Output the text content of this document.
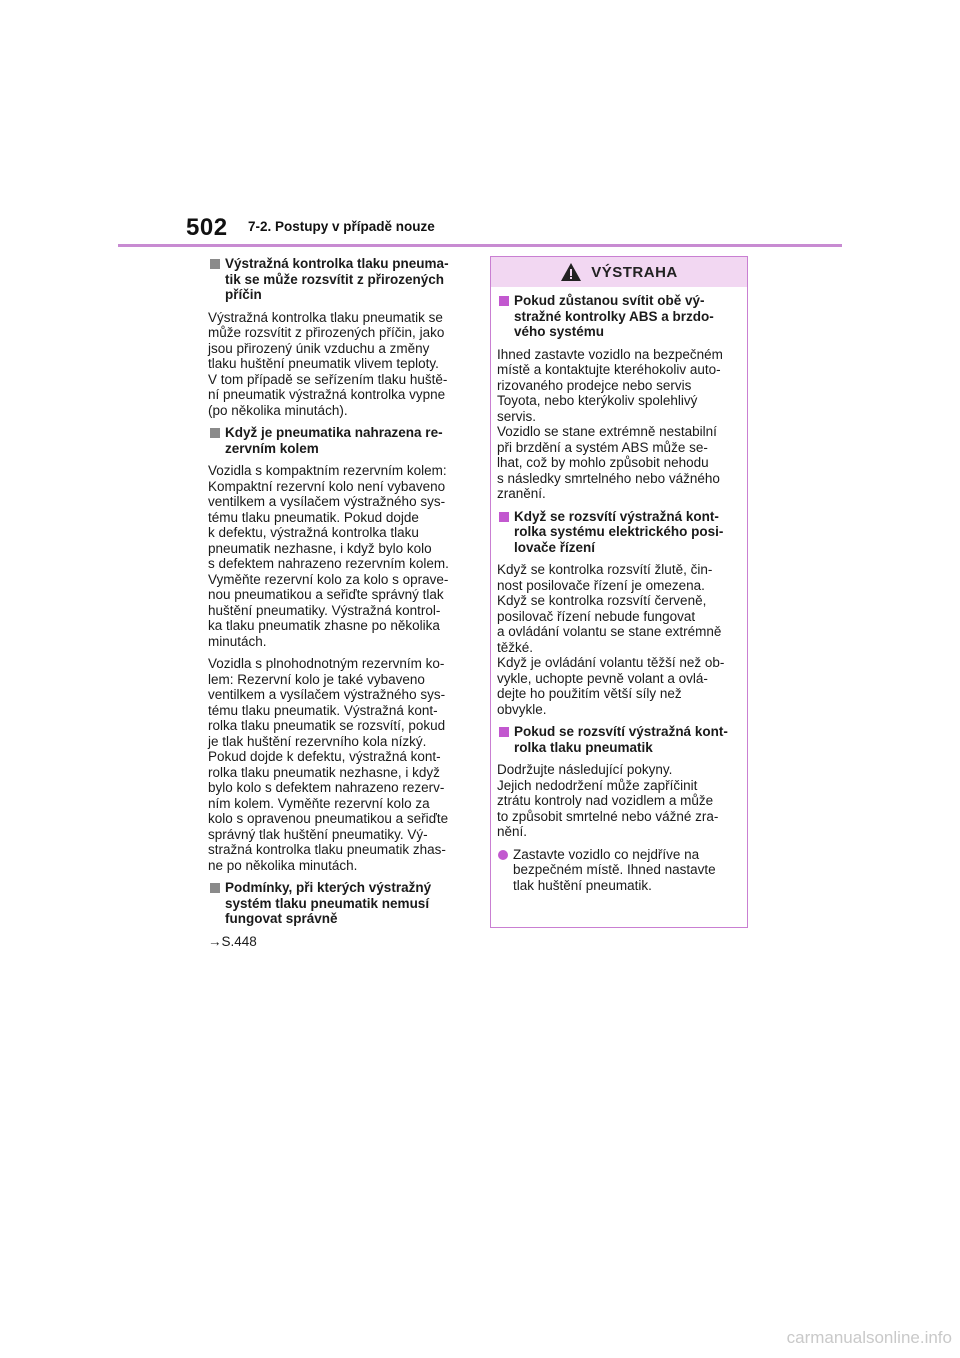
502 7-2. Postupy v případě nouze
Výstražná kontrolka tlaku pneuma-
tik se může rozsvítit z přirozených
příčin
Výstražná kontrolka tlaku pneumatik se
může rozsvítit z přirozených příčin, jako
jsou přirozený únik vzduchu a změny
tlaku huštění pneumatik vlivem teploty.
V tom případě se seřízením tlaku huště-
ní pneumatik výstražná kontrolka vypne
(po několika minutách).
Když je pneumatika nahrazena re-
zervním kolem
Vozidla s kompaktním rezervním kolem:
Kompaktní rezervní kolo není vybaveno
ventilkem a vysílačem výstražného sys-
tému tlaku pneumatik. Pokud dojde
k defektu, výstražná kontrolka tlaku
pneumatik nezhasne, i když bylo kolo
s defektem nahrazeno rezervním kolem.
Vyměňte rezervní kolo za kolo s oprave-
nou pneumatikou a seřiďte správný tlak
huštění pneumatiky. Výstražná kontrol-
ka tlaku pneumatik zhasne po několika
minutách.
Vozidla s plnohodnotným rezervním ko-
lem: Rezervní kolo je také vybaveno
ventilkem a vysílačem výstražného sys-
tému tlaku pneumatik. Výstražná kont-
rolka tlaku pneumatik se rozsvítí, pokud
je tlak huštění rezervního kola nízký.
Pokud dojde k defektu, výstražná kont-
rolka tlaku pneumatik nezhasne, i když
bylo kolo s defektem nahrazeno rezerv-
ním kolem. Vyměňte rezervní kolo za
kolo s opravenou pneumatikou a seřiďte
správný tlak huštění pneumatiky. Vý-
stražná kontrolka tlaku pneumatik zhas-
ne po několika minutách.
Podmínky, při kterých výstražný
systém tlaku pneumatik nemusí
fungovat správně
→S.448
VÝSTRAHA
Pokud zůstanou svítit obě vý-
stražné kontrolky ABS a brzdo-
vého systému
Ihned zastavte vozidlo na bezpečném
místě a kontaktujte kteréhokoliv auto-
rizovaného prodejce nebo servis
Toyota, nebo kterýkoliv spolehlivý
servis.
Vozidlo se stane extrémně nestabilní
při brzdění a systém ABS může se-
lhat, což by mohlo způsobit nehodu
s následky smrtelného nebo vážného
zranění.
Když se rozsvítí výstražná kont-
rolka systému elektrického posi-
lovače řízení
Když se kontrolka rozsvítí žlutě, čin-
nost posilovače řízení je omezena.
Když se kontrolka rozsvítí červeně,
posilovač řízení nebude fungovat
a ovládání volantu se stane extrémně
těžké.
Když je ovládání volantu těžší než ob-
vykle, uchopte pevně volant a ovlá-
dejte ho použitím větší síly než
obvykle.
Pokud se rozsvítí výstražná kont-
rolka tlaku pneumatik
Dodržujte následující pokyny.
Jejich nedodržení může zapříčinit
ztrátu kontroly nad vozidlem a může
to způsobit smrtelné nebo vážné zra-
nění.
Zastavte vozidlo co nejdříve na
bezpečném místě. Ihned nastavte
tlak huštění pneumatik.
carmanualsonline.info
